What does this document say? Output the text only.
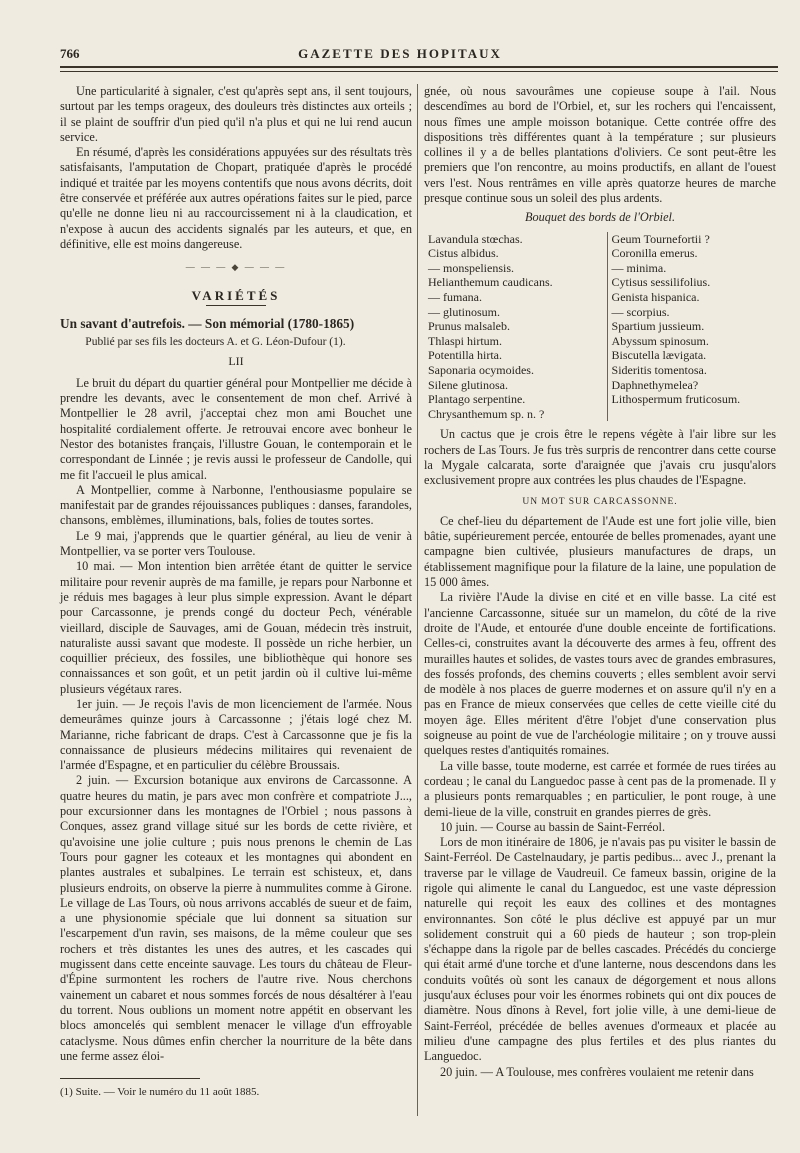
766	GAZETTE DES HOPITAUX

Une particularité à signaler, c'est qu'après sept ans, il sent toujours, surtout par les temps orageux, des douleurs très distinctes aux orteils ; il se plaint de souffrir d'un pied qu'il n'a plus et qui ne lui rend aucun service.

En résumé, d'après les considérations appuyées sur des résultats très satisfaisants, l'amputation de Chopart, pratiquée d'après le procédé indiqué et traitée par les moyens contentifs que nous avons décrits, doit être conservée et préférée aux autres opérations faites sur le pied, parce qu'elle ne donne lieu ni au raccourcissement ni à la claudication, et n'expose à aucun des accidents signalés par les auteurs, et que, en définitive, elle est moins dangereuse.

— — — ◆ — — —
VARIÉTÉS

Un savant d'autrefois. — Son mémorial (1780-1865)

Publié par ses fils les docteurs A. et G. Léon-Dufour (1).

LII

Le bruit du départ du quartier général pour Montpellier me décide à prendre les devants, avec le consentement de mon chef. Arrivé à Montpellier le 28 avril, j'acceptai chez mon ami Bouchet une hospitalité cordialement offerte. Je retrouvai encore avec bonheur le Nestor des botanistes français, l'illustre Gouan, le contemporain et le correspondant de Linnée ; je revis aussi le professeur de Candolle, qui me fit l'accueil le plus amical.

A Montpellier, comme à Narbonne, l'enthousiasme populaire se manifestait par de grandes réjouissances publiques : danses, farandoles, chansons, emblèmes, illuminations, bals, folies de toutes sortes.

Le 9 mai, j'apprends que le quartier général, au lieu de venir à Montpellier, va se porter vers Toulouse.

10 mai. — Mon intention bien arrêtée étant de quitter le service militaire pour revenir auprès de ma famille, je repars pour Narbonne et je réduis mes bagages à leur plus simple expression. Avant le départ pour Carcassonne, je prends congé du docteur Pech, vénérable vieillard, disciple de Sauvages, ami de Gouan, médecin très instruit, naturaliste aussi savant que modeste. Il possède un riche herbier, un coquillier précieux, des fossiles, une bibliothèque qui honore ses connaissances et son goût, et un petit jardin où il cultive lui-même plusieurs végétaux rares.

1er juin. — Je reçois l'avis de mon licenciement de l'armée. Nous demeurâmes quinze jours à Carcassonne ; j'étais logé chez M. Marianne, riche fabricant de draps. C'est à Carcassonne que je fis la connaissance de plusieurs médecins militaires qui revenaient de l'armée d'Espagne, et en particulier du célèbre Broussais.

2 juin. — Excursion botanique aux environs de Carcassonne. A quatre heures du matin, je pars avec mon confrère et compatriote J..., pour excursionner dans les montagnes de l'Orbiel ; nous passons à Conques, assez grand village situé sur les bords de cette rivière, et qu'avoisine une jolie culture ; puis nous prenons le chemin de Las Tours pour gagner les coteaux et les montagnes qui abondent en plantes australes et subalpines. Le terrain est schisteux, et, dans plusieurs endroits, on observe la pierre à nummulites comme à Girone. Le village de Las Tours, où nous arrivons accablés de sueur et de faim, a une physionomie spéciale que lui donnent sa situation sur l'escarpement d'un ravin, ses maisons, de la même couleur que ses rochers et très distantes les unes des autres, et les cascades qui mugissent dans cette enceinte sauvage. Les tours du château de Fleur-d'Épine surmontent les rochers de l'autre rive. Nous cherchons vainement un cabaret et nous sommes forcés de nous désaltérer à l'eau du torrent. Nous oublions un moment notre appétit en observant les blocs amoncelés qui semblent menacer le village d'un effroyable cataclysme. Nous dûmes enfin chercher la nourriture de la bête dans une ferme assez éloi-

(1) Suite. — Voir le numéro du 11 août 1885.

gnée, où nous savourâmes une copieuse soupe à l'ail. Nous descendîmes au bord de l'Orbiel, et, sur les rochers qui l'encaissent, nous fîmes une ample moisson botanique. Cette contrée offre des dispositions très différentes quant à la température ; sur plusieurs collines il y a de belles plantations d'oliviers. Ce sont peut-être les premiers que l'on rencontre, au moins productifs, en allant de l'ouest vers l'est. Nous rentrâmes en ville après quatorze heures de marche presque continue sous un soleil des plus ardents.

Bouquet des bords de l'Orbiel.
Lavandula stœchas.	Geum Tournefortii ?
Cistus albidus.	Coronilla emerus.
— monspeliensis.	— minima.
Helianthemum caudicans.	Cytisus sessilifolius.
— fumana.	Genista hispanica.
— glutinosum.	— scorpius.
Prunus malsaleb.	Spartium jussieum.
Thlaspi hirtum.	Abyssum spinosum.
Potentilla hirta.	Biscutella lævigata.
Saponaria ocymoides.	Sideritis tomentosa.
Silene glutinosa.	Daphnethymelea?
Plantago serpentine.	Lithospermum fruticosum.
Chrysanthemum sp. n. ?	

Un cactus que je crois être le repens végète à l'air libre sur les rochers de Las Tours. Je fus très surpris de rencontrer dans cette course la Mygale calcarata, sorte d'araignée que j'avais cru jusqu'alors exclusivement propre aux contrées les plus chaudes de l'Espagne.

UN MOT SUR CARCASSONNE.

Ce chef-lieu du département de l'Aude est une fort jolie ville, bien bâtie, supérieurement percée, entourée de belles promenades, ayant une campagne bien cultivée, plusieurs manufactures de draps, un établissement magnifique pour la filature de la laine, une population de 15 000 âmes.

La rivière l'Aude la divise en cité et en ville basse. La cité est l'ancienne Carcassonne, située sur un mamelon, du côté de la rive droite de l'Aude, et entourée d'une double enceinte de fortifications. Celles-ci, construites avant la découverte des armes à feu, offrent des murailles hautes et solides, de vastes tours avec de grandes embrasures, des fossés profonds, des chemins couverts ; elles semblent avoir servi de modèle à nos places de guerre modernes et on assure qu'il n'y en a pas en France de mieux conservées que celles de cette vieille cité du moyen âge. Elles méritent d'être l'objet d'une conservation plus soigneuse au point de vue de l'archéologie militaire ; on y trouve aussi quelques restes d'antiquités romaines.

La ville basse, toute moderne, est carrée et formée de rues tirées au cordeau ; le canal du Languedoc passe à cent pas de la promenade. Il y a plusieurs ponts remarquables ; en particulier, le pont rouge, à une demi-lieue de la ville, construit en grandes pierres de grès.

10 juin. — Course au bassin de Saint-Ferréol.

Lors de mon itinéraire de 1806, je n'avais pas pu visiter le bassin de Saint-Ferréol. De Castelnaudary, je partis pedibus... avec J., prenant la traverse par le village de Vaudreuil. Ce fameux bassin, origine de la rigole qui alimente le canal du Languedoc, est une vaste dépression naturelle qui reçoit les eaux des collines et des montagnes environnantes. Son côté le plus déclive est appuyé par un mur solidement construit qui a 60 pieds de hauteur ; son trop-plein s'échappe dans la rigole par de belles cascades. Précédés du concierge qui était armé d'une torche et d'une lanterne, nous descendons dans les conduits voûtés où sont les canaux de dégorgement et nous allons jusqu'aux écluses pour voir les énormes robinets qui ont dix pouces de diamètre. Nous dînons à Revel, fort jolie ville, à une demi-lieue de Saint-Ferréol, précédée de belles avenues d'ormeaux et placée au milieu d'une campagne des plus fertiles et des plus riantes du Languedoc.

20 juin. — A Toulouse, mes confrères voulaient me retenir dans
